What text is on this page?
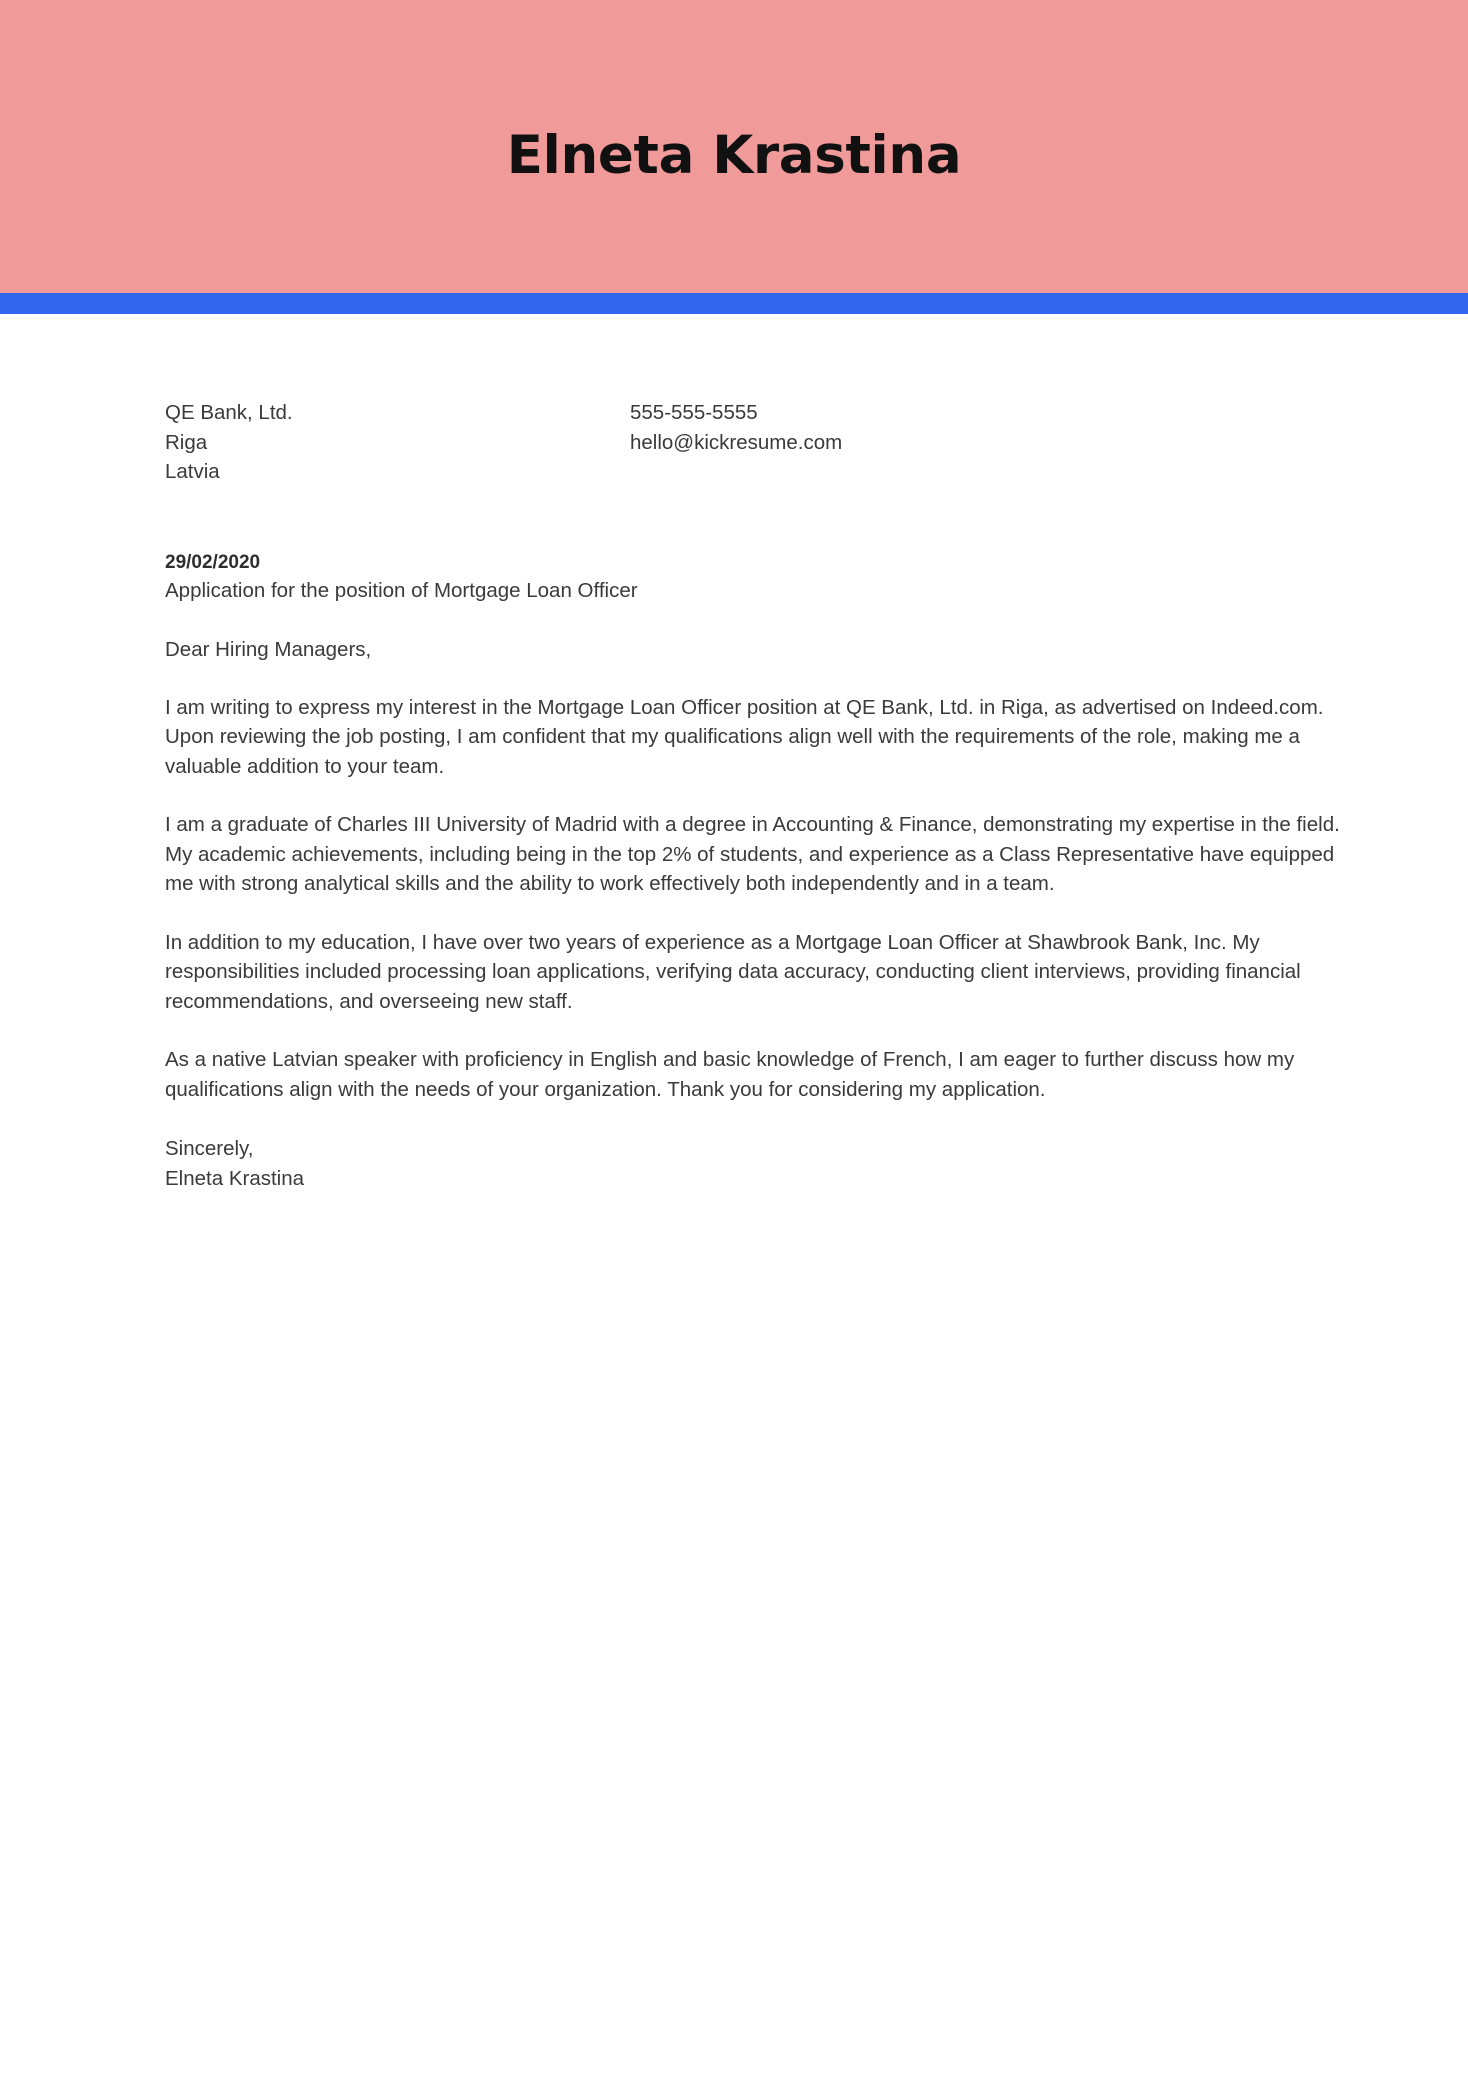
Elneta Krastina
QE Bank, Ltd.
Riga
Latvia
555-555-5555
hello@kickresume.com
29/02/2020
Application for the position of Mortgage Loan Officer
Dear Hiring Managers,

I am writing to express my interest in the Mortgage Loan Officer position at QE Bank, Ltd. in Riga, as advertised on Indeed.com. Upon reviewing the job posting, I am confident that my qualifications align well with the requirements of the role, making me a valuable addition to your team.

I am a graduate of Charles III University of Madrid with a degree in Accounting & Finance, demonstrating my expertise in the field. My academic achievements, including being in the top 2% of students, and experience as a Class Representative have equipped me with strong analytical skills and the ability to work effectively both independently and in a team.

In addition to my education, I have over two years of experience as a Mortgage Loan Officer at Shawbrook Bank, Inc. My responsibilities included processing loan applications, verifying data accuracy, conducting client interviews, providing financial recommendations, and overseeing new staff.

As a native Latvian speaker with proficiency in English and basic knowledge of French, I am eager to further discuss how my qualifications align with the needs of your organization. Thank you for considering my application.

Sincerely,
Elneta Krastina
